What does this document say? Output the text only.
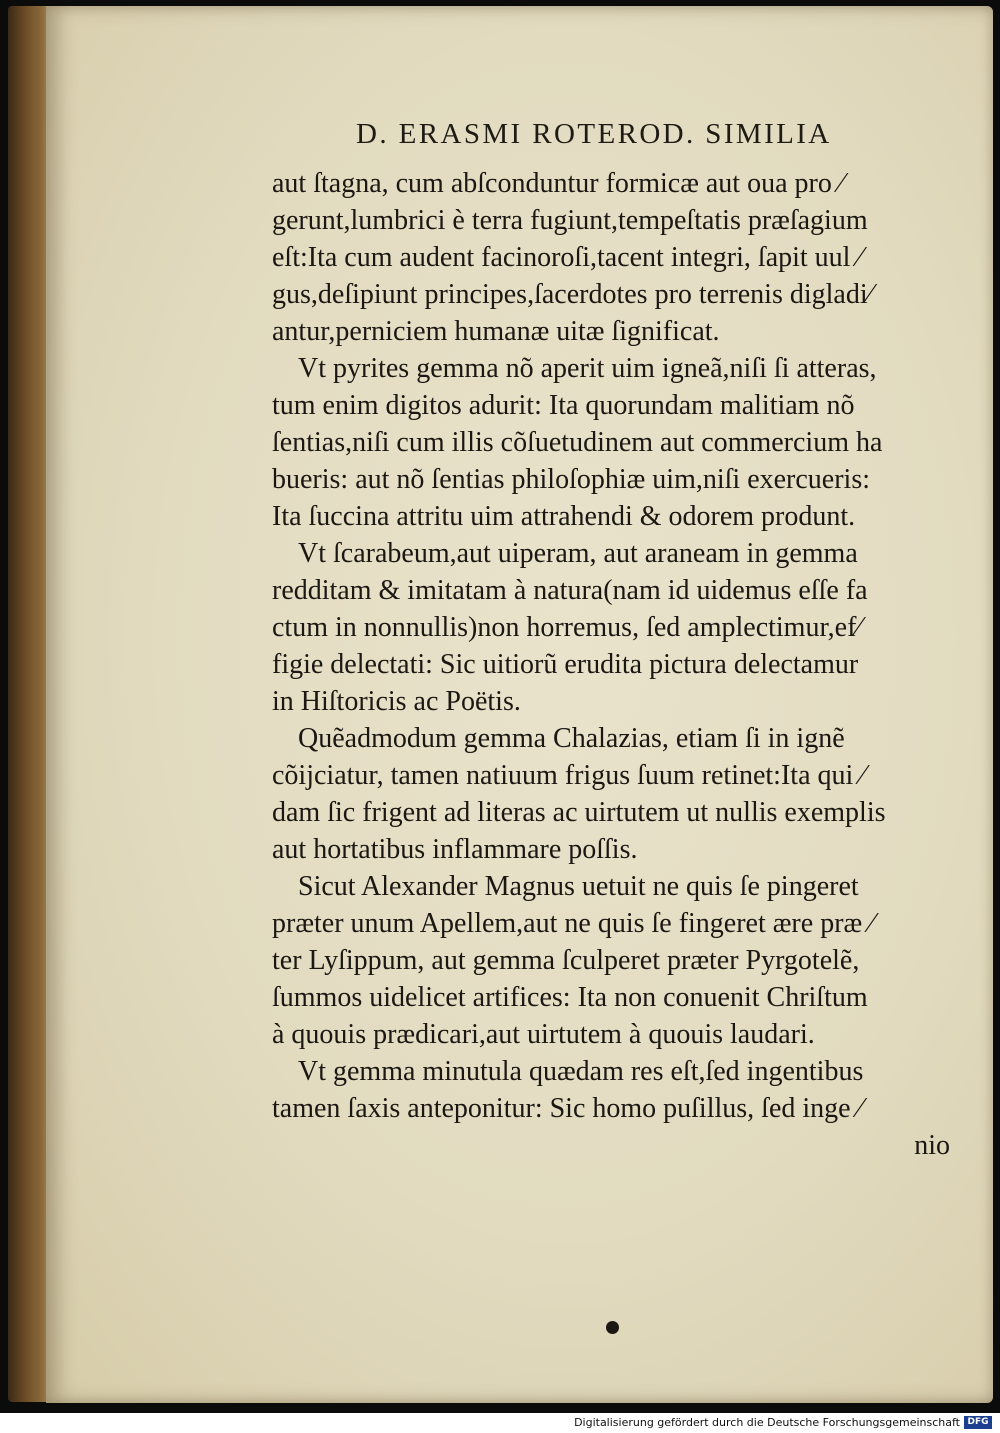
D. ERASMI ROTEROD. SIMILIA
aut ſtagna, cum abſconduntur formicæ aut oua pro ⁄
gerunt,lumbrici è terra fugiunt,tempeſtatis præſagium
eſt:Ita cum audent facinoroſi,tacent integri, ſapit uul ⁄
gus,deſipiunt principes,ſacerdotes pro terrenis digladi⁄
antur,perniciem humanæ uitæ ſignificat.
Vt pyrites gemma nõ aperit uim igneã,niſi ſi atteras,
tum enim digitos adurit: Ita quorundam malitiam nõ
ſentias,niſi cum illis cõſuetudinem aut commercium ha
bueris: aut nõ ſentias philoſophiæ uim,niſi exercueris:
Ita ſuccina attritu uim attrahendi & odorem produnt.
Vt ſcarabeum,aut uiperam, aut araneam in gemma
redditam & imitatam à natura(nam id uidemus eſſe fa
ctum in nonnullis)non horremus, ſed amplectimur,ef⁄
figie delectati: Sic uitiorũ erudita pictura delectamur
in Hiſtoricis ac Poëtis.
Quẽadmodum gemma Chalazias, etiam ſi in ignẽ
cõijciatur, tamen natiuum frigus ſuum retinet:Ita qui ⁄
dam ſic frigent ad literas ac uirtutem ut nullis exemplis
aut hortatibus inflammare poſſis.
Sicut Alexander Magnus uetuit ne quis ſe pingeret
præter unum Apellem,aut ne quis ſe fingeret ære præ ⁄
ter Lyſippum, aut gemma ſculperet præter Pyrgotelẽ,
ſummos uidelicet artifices: Ita non conuenit Chriſtum
à quouis prædicari,aut uirtutem à quouis laudari.
Vt gemma minutula quædam res eſt,ſed ingentibus
tamen ſaxis anteponitur: Sic homo puſillus, ſed inge ⁄
nio
Digitalisierung gefördert durch die Deutsche Forschungsgemeinschaft DFG
